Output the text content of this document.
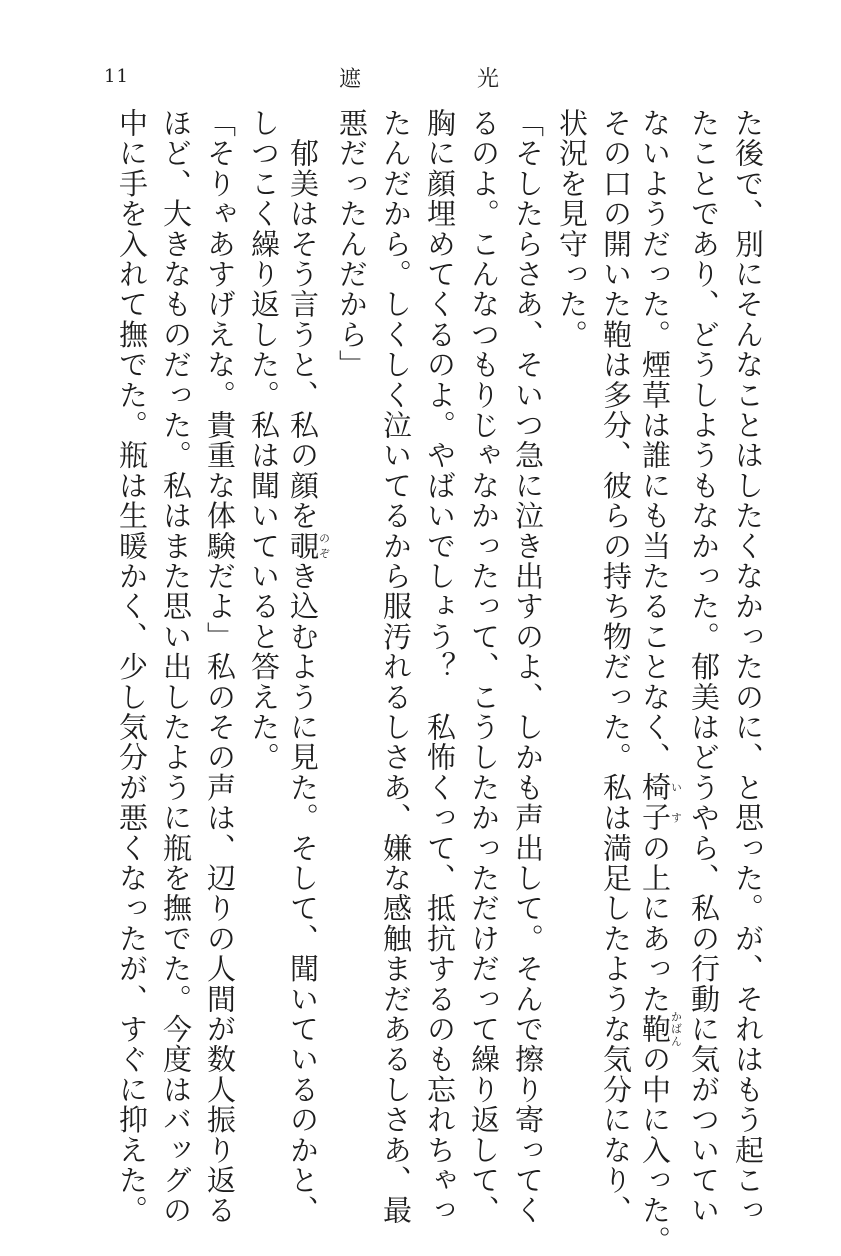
11	遮	光

た後で、別にそんなことはしたくなかったのに、と思った。が、それはもう起こっ

たことであり、どうしようもなかった。郁美はどうやら、私の行動に気がついてい

ないようだった。煙草は誰にも当たることなく、椅子いすの上にあった鞄かばんの中に入った。

その口の開いた鞄は多分、彼らの持ち物だった。私は満足したような気分になり、

状況を見守った。

「そしたらさあ、そいつ急に泣き出すのよ、しかも声出して。そんで擦り寄ってく

るのよ。こんなつもりじゃなかったって、こうしたかっただけだって繰り返して、

胸に顔埋めてくるのよ。やばいでしょう？　私怖くって、抵抗するのも忘れちゃっ

たんだから。しくしく泣いてるから服汚れるしさあ、嫌な感触まだあるしさあ、最

悪だったんだから」

　郁美はそう言うと、私の顔を覗のぞき込むように見た。そして、聞いているのかと、

しつこく繰り返した。私は聞いていると答えた。

「そりゃあすげえな。貴重な体験だよ」私のその声は、辺りの人間が数人振り返る

ほど、大きなものだった。私はまた思い出したように瓶を撫でた。今度はバッグの

中に手を入れて撫でた。瓶は生暖かく、少し気分が悪くなったが、すぐに抑えた。
